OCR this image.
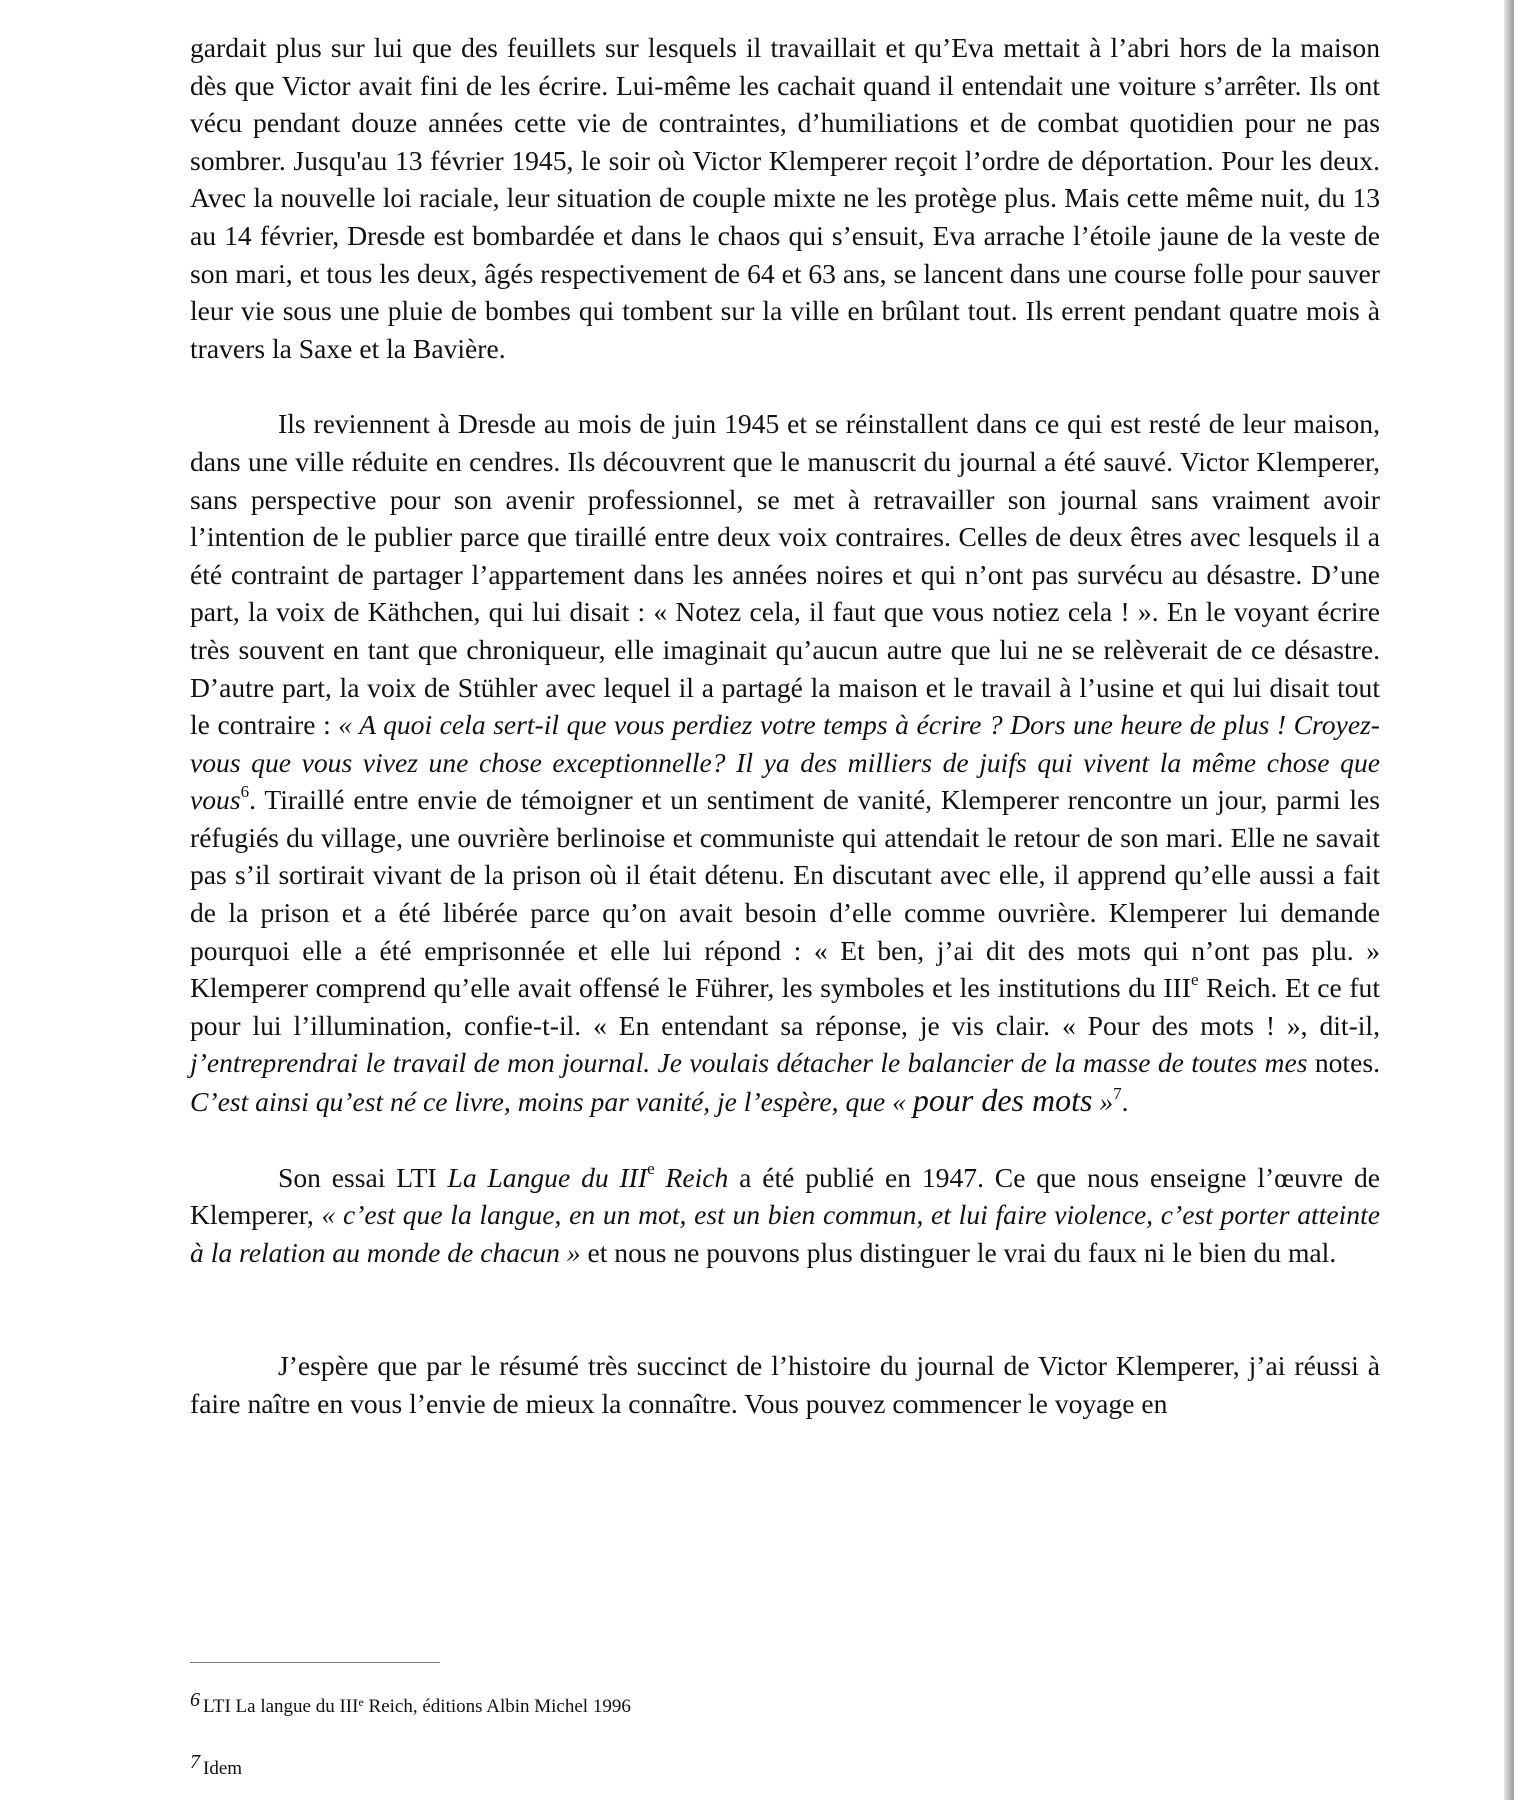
gardait plus sur lui que des feuillets sur lesquels il travaillait et qu’Eva mettait à l’abri hors de la maison dès que Victor avait fini de les écrire. Lui-même les cachait quand il entendait une voiture s’arrêter. Ils ont vécu pendant douze années cette vie de contraintes, d’humiliations et de combat quotidien pour ne pas sombrer. Jusqu'au 13 février 1945, le soir où Victor Klemperer reçoit l’ordre de déportation. Pour les deux. Avec la nouvelle loi raciale, leur situation de couple mixte ne les protège plus. Mais cette même nuit, du 13 au 14 février, Dresde est bombardée et dans le chaos qui s’ensuit, Eva arrache l’étoile jaune de la veste de son mari, et tous les deux, âgés respectivement de 64 et 63 ans, se lancent dans une course folle pour sauver leur vie sous une pluie de bombes qui tombent sur la ville en brûlant tout. Ils errent pendant quatre mois à travers la Saxe et la Bavière.

Ils reviennent à Dresde au mois de juin 1945 et se réinstallent dans ce qui est resté de leur maison, dans une ville réduite en cendres. Ils découvrent que le manuscrit du journal a été sauvé. Victor Klemperer, sans perspective pour son avenir professionnel, se met à retravailler son journal sans vraiment avoir l’intention de le publier parce que tiraillé entre deux voix contraires. Celles de deux êtres avec lesquels il a été contraint de partager l’appartement dans les années noires et qui n’ont pas survécu au désastre. D’une part, la voix de Käthchen, qui lui disait : « Notez cela, il faut que vous notiez cela ! ». En le voyant écrire très souvent en tant que chroniqueur, elle imaginait qu’aucun autre que lui ne se relèverait de ce désastre. D’autre part, la voix de Stühler avec lequel il a partagé la maison et le travail à l’usine et qui lui disait tout le contraire : « A quoi cela sert-il que vous perdiez votre temps à écrire ? Dors une heure de plus ! Croyez-vous que vous vivez une chose exceptionnelle? Il ya des milliers de juifs qui vivent la même chose que vous$^6$. Tiraillé entre envie de témoigner et un sentiment de vanité, Klemperer rencontre un jour, parmi les réfugiés du village, une ouvrière berlinoise et communiste qui attendait le retour de son mari. Elle ne savait pas s’il sortirait vivant de la prison où il était détenu. En discutant avec elle, il apprend qu’elle aussi a fait de la prison et a été libérée parce qu’on avait besoin d’elle comme ouvrière. Klemperer lui demande pourquoi elle a été emprisonnée et elle lui répond : « Et ben, j’ai dit des mots qui n’ont pas plu. » Klemperer comprend qu’elle avait offensé le Führer, les symboles et les institutions du IIIe Reich. Et ce fut pour lui l’illumination, confie-t-il. « En entendant sa réponse, je vis clair. « Pour des mots ! », dit-il, j’entreprendrai le travail de mon journal. Je voulais détacher le balancier de la masse de toutes mes notes. C’est ainsi qu’est né ce livre, moins par vanité, je l’espère, que « pour des mots »$^7$.

Son essai LTI La Langue du IIIe Reich a été publié en 1947. Ce que nous enseigne l’œuvre de Klemperer, « c’est que la langue, en un mot, est un bien commun, et lui faire violence, c’est porter atteinte à la relation au monde de chacun » et nous ne pouvons plus distinguer le vrai du faux ni le bien du mal.

J’espère que par le résumé très succinct de l’histoire du journal de Victor Klemperer, j’ai réussi à faire naître en vous l’envie de mieux la connaître. Vous pouvez commencer le voyage en

6 LTI La langue du IIIe Reich, éditions Albin Michel 1996
7 Idem
